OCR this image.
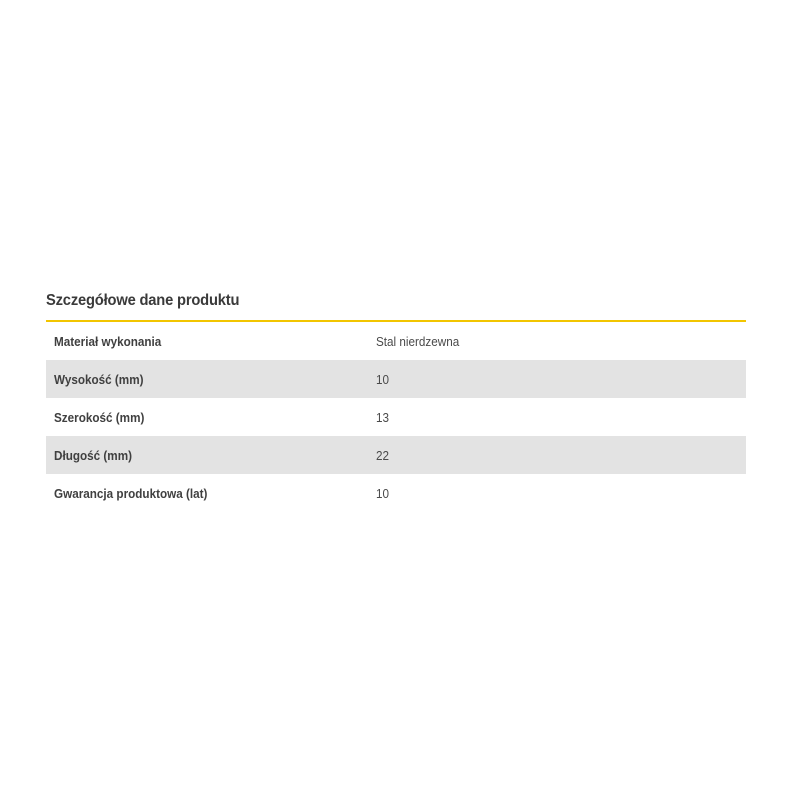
Szczegółowe dane produktu
Materiał wykonania	Stal nierdzewna
Wysokość (mm)	10
Szerokość (mm)	13
Długość (mm)	22
Gwarancja produktowa (lat)	10
